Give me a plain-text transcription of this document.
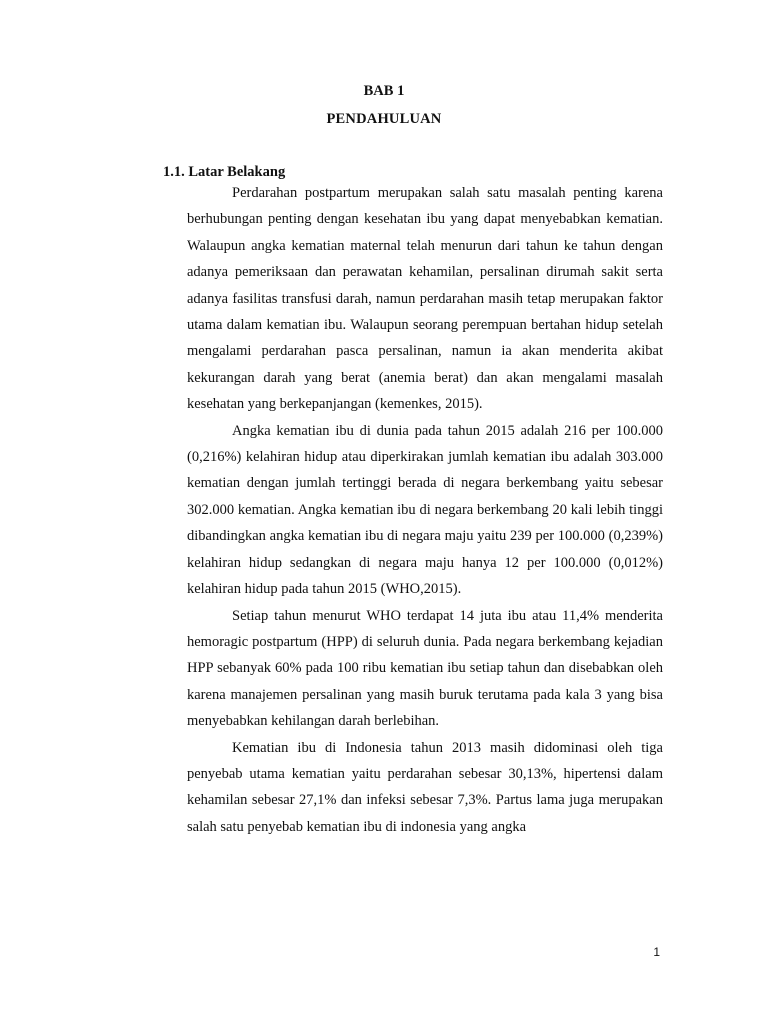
BAB 1
PENDAHULUAN
1.1. Latar Belakang

Perdarahan postpartum merupakan salah satu masalah penting karena berhubungan penting dengan kesehatan ibu yang dapat menyebabkan kematian. Walaupun angka kematian maternal telah menurun dari tahun ke tahun dengan adanya pemeriksaan dan perawatan kehamilan, persalinan dirumah sakit serta adanya fasilitas transfusi darah, namun perdarahan masih tetap merupakan faktor utama dalam kematian ibu. Walaupun seorang perempuan bertahan hidup setelah mengalami perdarahan pasca persalinan, namun ia akan menderita akibat kekurangan darah yang berat (anemia berat) dan akan mengalami masalah kesehatan yang berkepanjangan (kemenkes, 2015).

Angka kematian ibu di dunia pada tahun 2015 adalah 216 per 100.000 (0,216%) kelahiran hidup atau diperkirakan jumlah kematian ibu adalah 303.000 kematian dengan jumlah tertinggi berada di negara berkembang yaitu sebesar 302.000 kematian. Angka kematian ibu di negara berkembang 20 kali lebih tinggi dibandingkan angka kematian ibu di negara maju yaitu 239 per 100.000 (0,239%) kelahiran hidup sedangkan di negara maju hanya 12 per 100.000 (0,012%) kelahiran hidup pada tahun 2015 (WHO,2015).

Setiap tahun menurut WHO terdapat 14 juta ibu atau 11,4% menderita hemoragic postpartum (HPP) di seluruh dunia. Pada negara berkembang kejadian HPP sebanyak 60% pada 100 ribu kematian ibu setiap tahun dan disebabkan oleh karena manajemen persalinan yang masih buruk terutama pada kala 3 yang bisa menyebabkan kehilangan darah berlebihan.

Kematian ibu di Indonesia tahun 2013 masih didominasi oleh tiga penyebab utama kematian yaitu perdarahan sebesar 30,13%, hipertensi dalam kehamilan sebesar 27,1% dan infeksi sebesar 7,3%. Partus lama juga merupakan salah satu penyebab kematian ibu di indonesia yang angka

1
